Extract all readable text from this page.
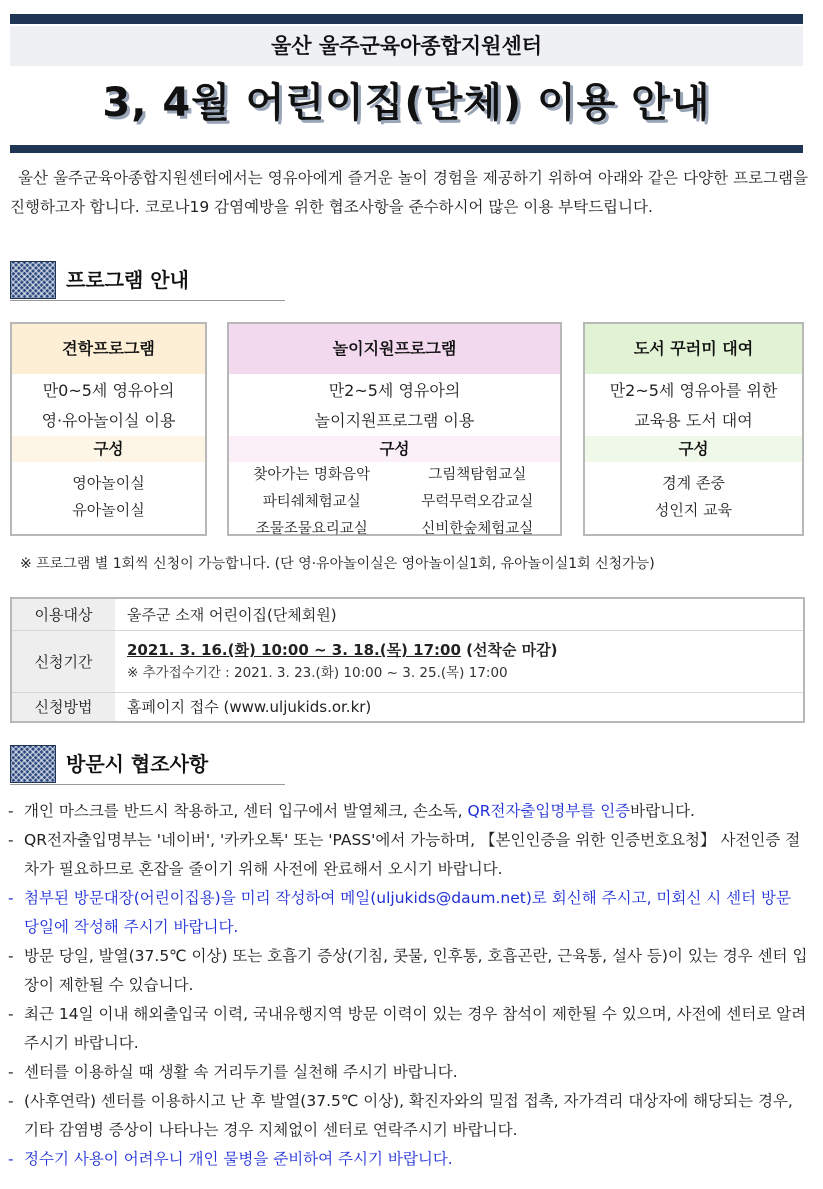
울산 울주군육아종합지원센터
3, 4월 어린이집(단체) 이용 안내

울산 울주군육아종합지원센터에서는 영유아에게 즐거운 놀이 경험을 제공하기 위하여 아래와 같은 다양한 프로그램을 진행하고자 합니다. 코로나19 감염예방을 위한 협조사항을 준수하시어 많은 이용 부탁드립니다.

프로그램 안내
견학프로그램
만0~5세 영유아의
영·유아놀이실 이용
구성
영아놀이실
유아놀이실
놀이지원프로그램
만2~5세 영유아의
놀이지원프로그램 이용
구성
찾아가는 명화음악	그림책탐험교실
파티쉐체험교실	무럭무럭오감교실
조물조물요리교실	신비한숲체험교실
도서 꾸러미 대여
만2~5세 영유아를 위한
교육용 도서 대여
구성
경계 존중
성인지 교육
※ 프로그램 별 1회씩 신청이 가능합니다. (단 영·유아놀이실은 영아놀이실1회, 유아놀이실1회 신청가능)
이용대상	울주군 소재 어린이집(단체회원)
신청기간	2021. 3. 16.(화) 10:00 ~ 3. 18.(목) 17:00 (선착순 마감)
※ 추가접수기간 : 2021. 3. 23.(화) 10:00 ~ 3. 25.(목) 17:00

신청방법	홈페이지 접수 (www.uljukids.or.kr)
방문시 협조사항
- 개인 마스크를 반드시 착용하고, 센터 입구에서 발열체크, 손소독, QR전자출입명부를 인증바랍니다.
- QR전자출입명부는 '네이버', '카카오톡' 또는 'PASS'에서 가능하며, 【본인인증을 위한 인증번호요청】 사전인증 절차가 필요하므로 혼잡을 줄이기 위해 사전에 완료해서 오시기 바랍니다.
- 첨부된 방문대장(어린이집용)을 미리 작성하여 메일(uljukids@daum.net)로 회신해 주시고, 미회신 시 센터 방문 당일에 작성해 주시기 바랍니다.
- 방문 당일, 발열(37.5℃ 이상) 또는 호흡기 증상(기침, 콧물, 인후통, 호흡곤란, 근육통, 설사 등)이 있는 경우 센터 입장이 제한될 수 있습니다.
- 최근 14일 이내 해외출입국 이력, 국내유행지역 방문 이력이 있는 경우 참석이 제한될 수 있으며, 사전에 센터로 알려주시기 바랍니다.
- 센터를 이용하실 때 생활 속 거리두기를 실천해 주시기 바랍니다.
- (사후연락) 센터를 이용하시고 난 후 발열(37.5℃ 이상), 확진자와의 밀접 접촉, 자가격리 대상자에 해당되는 경우, 기타 감염병 증상이 나타나는 경우 지체없이 센터로 연락주시기 바랍니다.
- 정수기 사용이 어려우니 개인 물병을 준비하여 주시기 바랍니다.
